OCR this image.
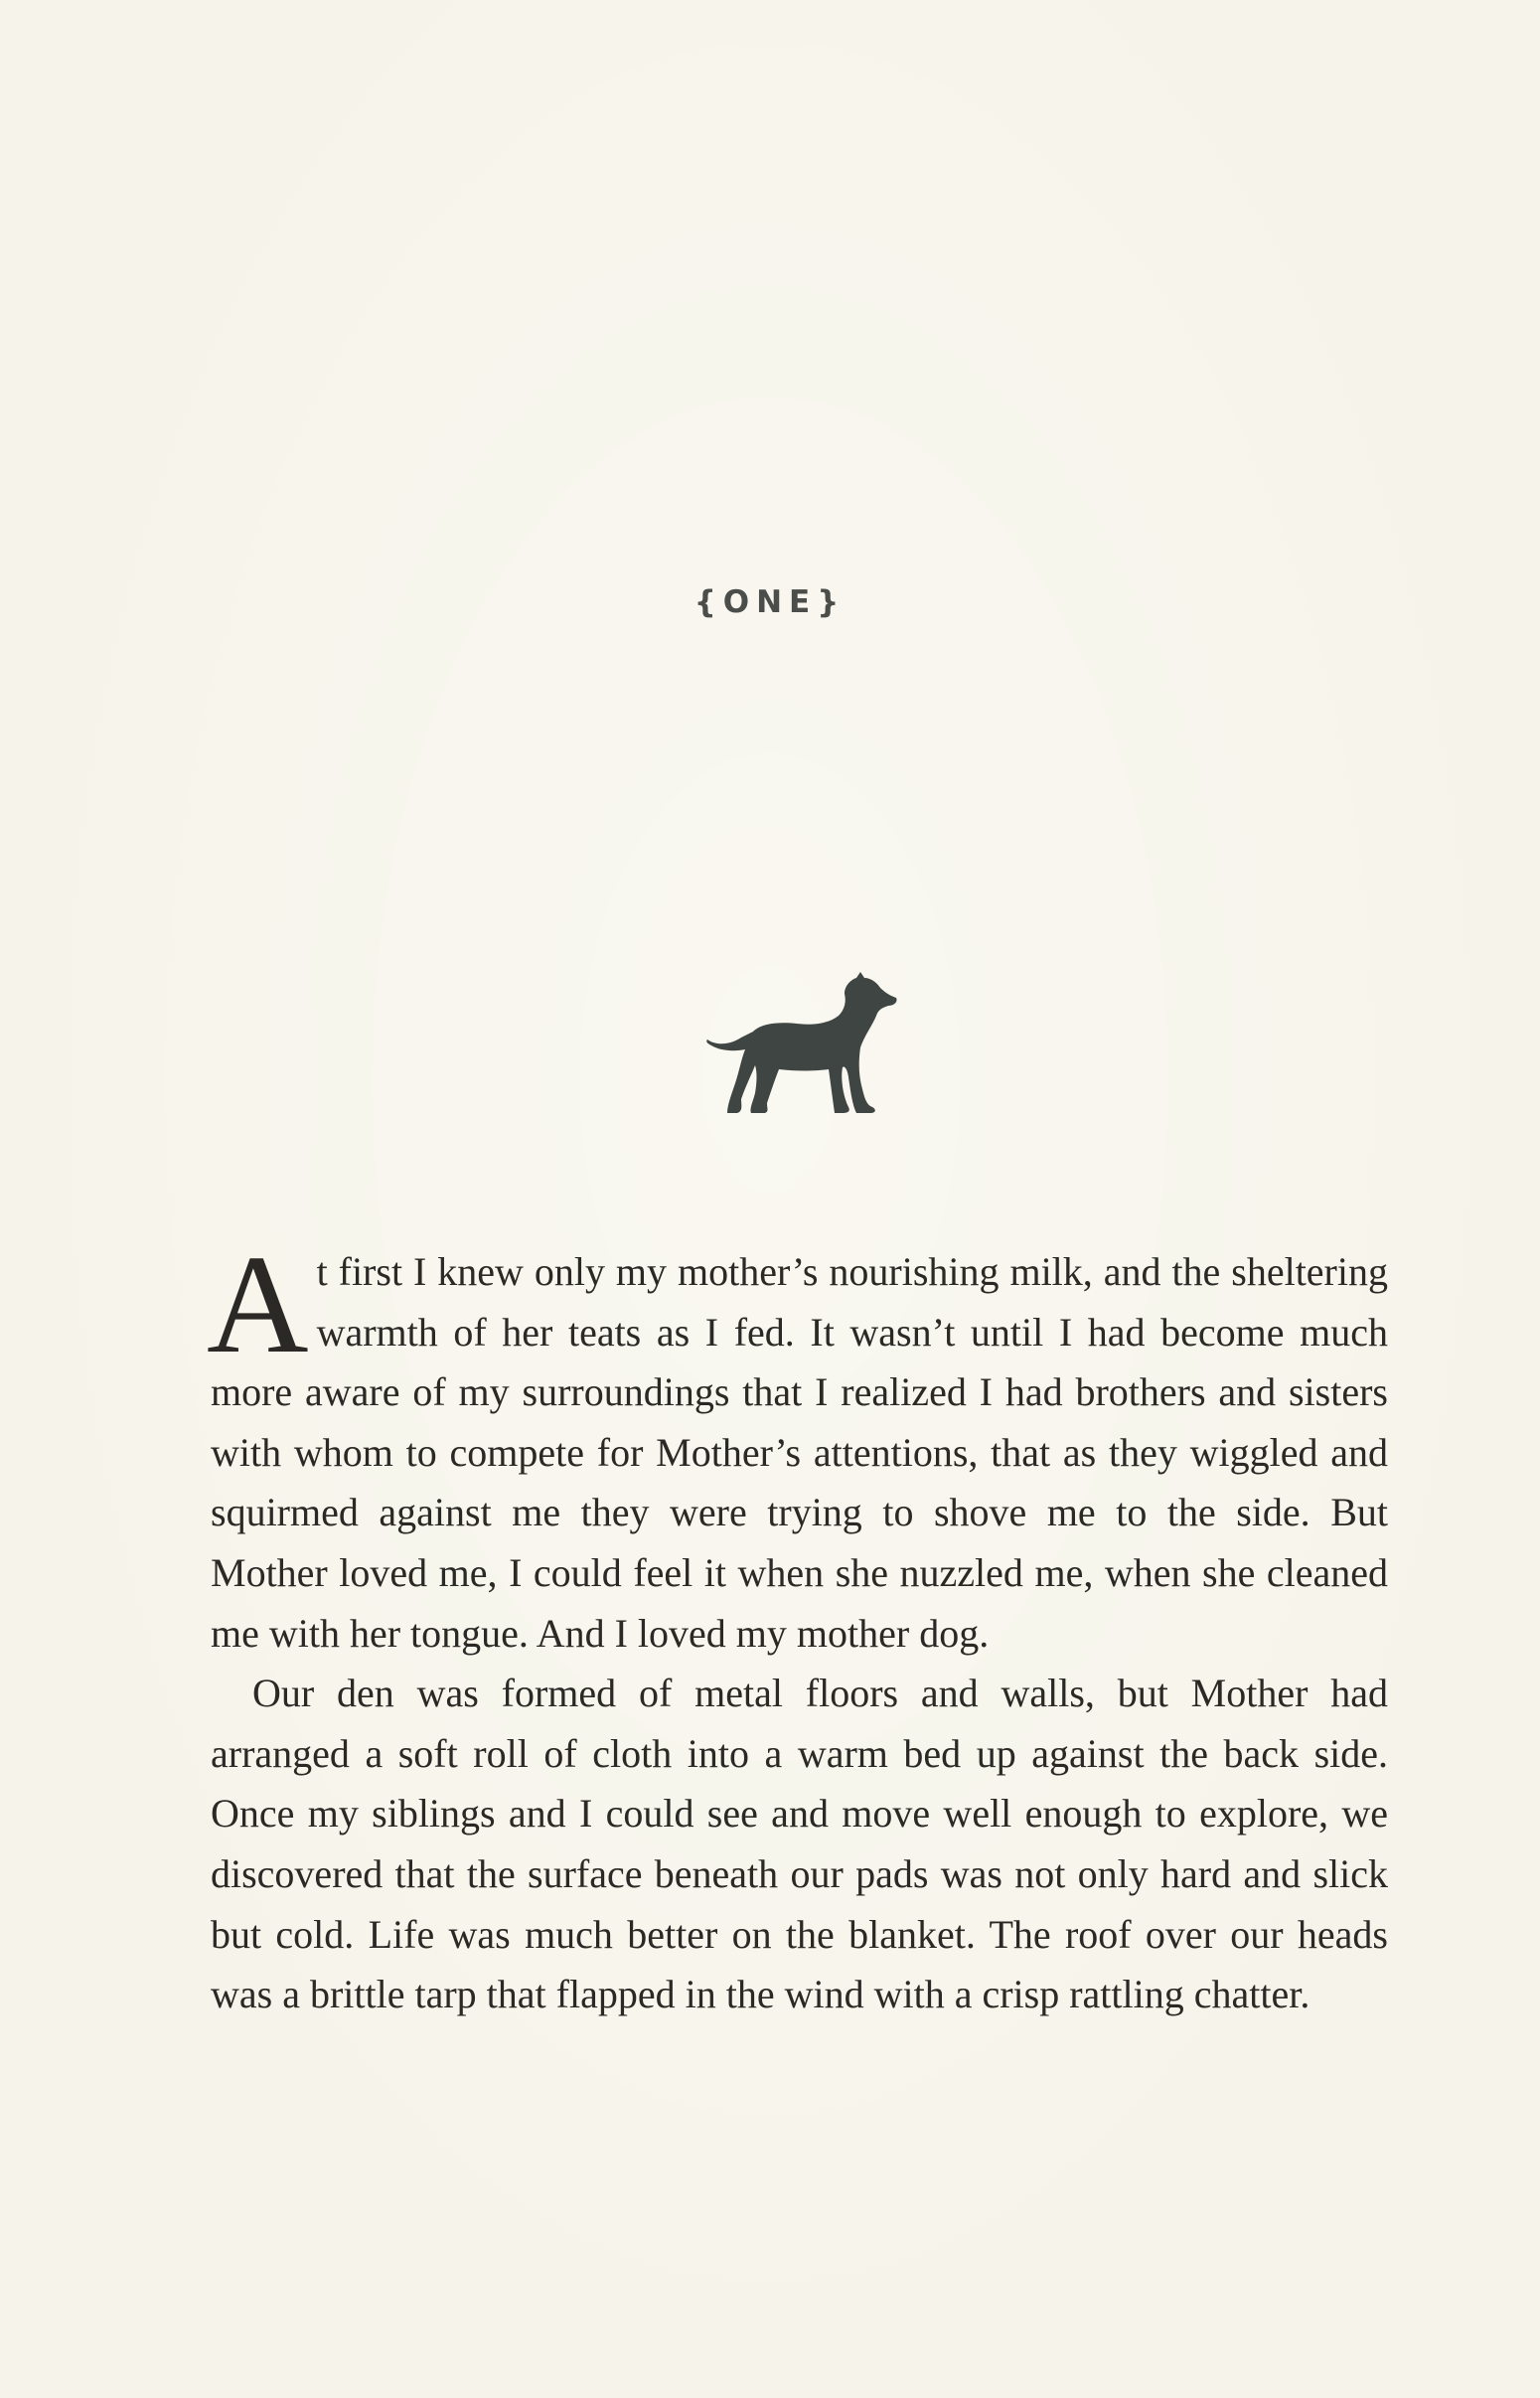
{ONE}

At first I knew only my mother’s nourishing milk, and the sheltering warmth of her teats as I fed. It wasn’t until I had become much more aware of my surroundings that I realized I had brothers and sisters with whom to compete for Mother’s attentions, that as they wiggled and squirmed against me they were trying to shove me to the side. But Mother loved me, I could feel it when she nuzzled me, when she cleaned me with her tongue. And I loved my mother dog.

Our den was formed of metal floors and walls, but Mother had arranged a soft roll of cloth into a warm bed up against the back side. Once my siblings and I could see and move well enough to explore, we discovered that the surface beneath our pads was not only hard and slick but cold. Life was much better on the blanket. The roof over our heads was a brittle tarp that flapped in the wind with a crisp rattling chatter.
